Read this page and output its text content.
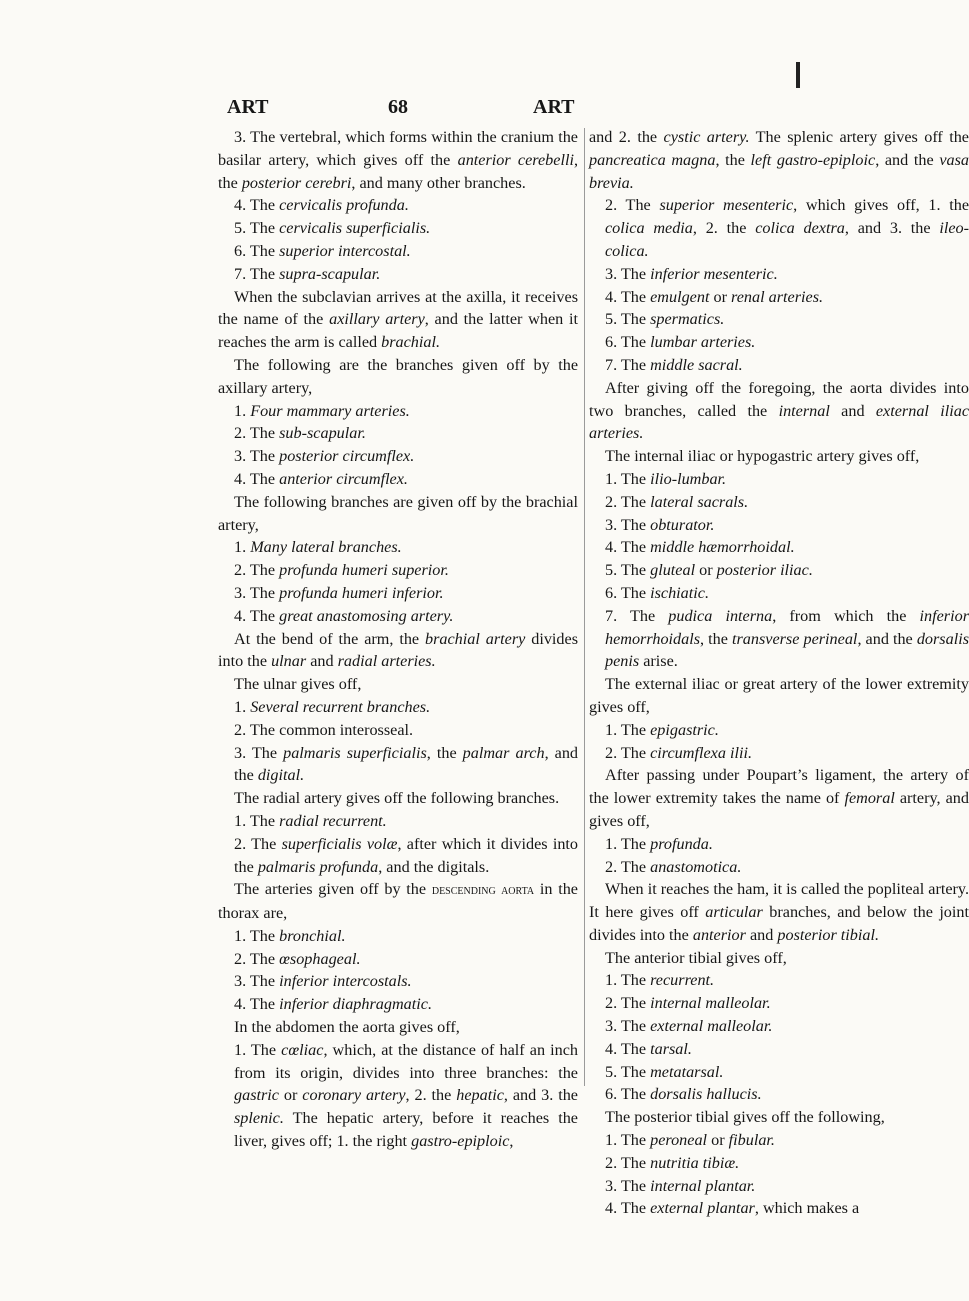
ART	68	ART

3. The vertebral, which forms within the cranium the basilar artery, which gives off the anterior cerebelli, the posterior cerebri, and many other branches.

4. The cervicalis profunda.

5. The cervicalis superficialis.

6. The superior intercostal.

7. The supra-scapular.

When the subclavian arrives at the axilla, it receives the name of the axillary artery, and the latter when it reaches the arm is called brachial.

The following are the branches given off by the axillary artery,

1. Four mammary arteries.

2. The sub-scapular.

3. The posterior circumflex.

4. The anterior circumflex.

The following branches are given off by the brachial artery,

1. Many lateral branches.

2. The profunda humeri superior.

3. The profunda humeri inferior.

4. The great anastomosing artery.

At the bend of the arm, the brachial artery divides into the ulnar and radial arteries.

The ulnar gives off,

1. Several recurrent branches.

2. The common interosseal.

3. The palmaris superficialis, the palmar arch, and the digital.

The radial artery gives off the following branches.

1. The radial recurrent.

2. The superficialis volæ, after which it divides into the palmaris profunda, and the digitals.

The arteries given off by the descending aorta in the thorax are,

1. The bronchial.

2. The œsophageal.

3. The inferior intercostals.

4. The inferior diaphragmatic.

In the abdomen the aorta gives off,

1. The cœliac, which, at the distance of half an inch from its origin, divides into three branches: the gastric or coronary artery, 2. the hepatic, and 3. the splenic. The hepatic artery, before it reaches the liver, gives off; 1. the right gastro-epiploic,

and 2. the cystic artery. The splenic artery gives off the pancreatica magna, the left gastro-epiploic, and the vasa brevia.

2. The superior mesenteric, which gives off, 1. the colica media, 2. the colica dextra, and 3. the ileo-colica.

3. The inferior mesenteric.

4. The emulgent or renal arteries.

5. The spermatics.

6. The lumbar arteries.

7. The middle sacral.

After giving off the foregoing, the aorta divides into two branches, called the internal and external iliac arteries.

The internal iliac or hypogastric artery gives off,

1. The ilio-lumbar.

2. The lateral sacrals.

3. The obturator.

4. The middle hæmorrhoidal.

5. The gluteal or posterior iliac.

6. The ischiatic.

7. The pudica interna, from which the inferior hemorrhoidals, the transverse perineal, and the dorsalis penis arise.

The external iliac or great artery of the lower extremity gives off,

1. The epigastric.

2. The circumflexa ilii.

After passing under Poupart’s ligament, the artery of the lower extremity takes the name of femoral artery, and gives off,

1. The profunda.

2. The anastomotica.

When it reaches the ham, it is called the popliteal artery. It here gives off articular branches, and below the joint divides into the anterior and posterior tibial.

The anterior tibial gives off,

1. The recurrent.

2. The internal malleolar.

3. The external malleolar.

4. The tarsal.

5. The metatarsal.

6. The dorsalis hallucis.

The posterior tibial gives off the following,

1. The peroneal or fibular.

2. The nutritia tibiæ.

3. The internal plantar.

4. The external plantar, which makes a
